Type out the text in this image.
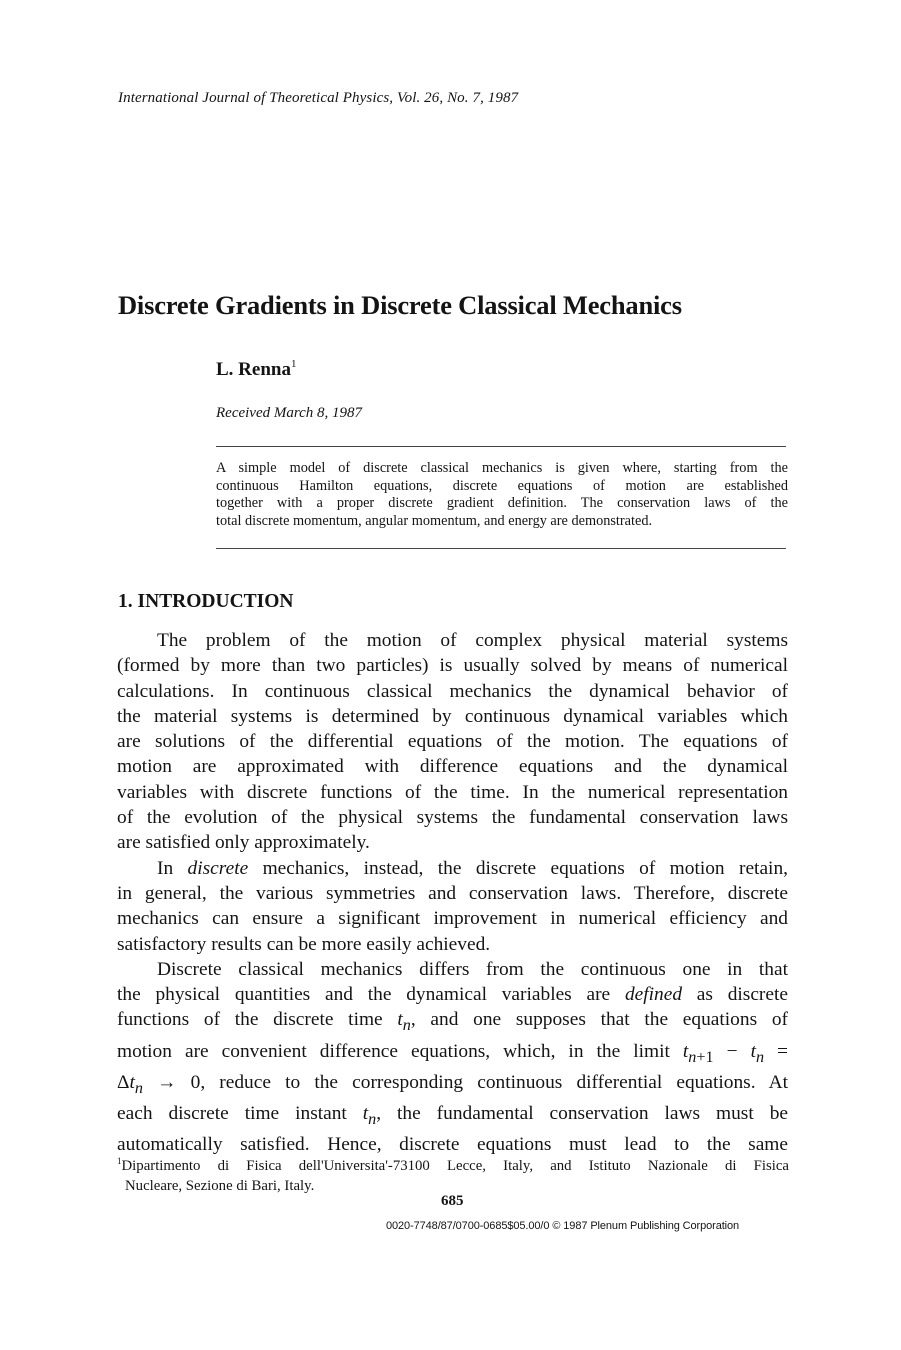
International Journal of Theoretical Physics, Vol. 26, No. 7, 1987
Discrete Gradients in Discrete Classical Mechanics
L. Renna$^1$
Received March 8, 1987

A simple model of discrete classical mechanics is given where, starting from the
continuous Hamilton equations, discrete equations of motion are established
together with a proper discrete gradient definition. The conservation laws of the
total discrete momentum, angular momentum, and energy are demonstrated.

1. INTRODUCTION
The problem of the motion of complex physical material systems
(formed by more than two particles) is usually solved by means of numerical
calculations. In continuous classical mechanics the dynamical behavior of
the material systems is determined by continuous dynamical variables which
are solutions of the differential equations of the motion. The equations of
motion are approximated with difference equations and the dynamical
variables with discrete functions of the time. In the numerical representation
of the evolution of the physical systems the fundamental conservation laws
are satisfied only approximately.
In discrete mechanics, instead, the discrete equations of motion retain,
in general, the various symmetries and conservation laws. Therefore, discrete
mechanics can ensure a significant improvement in numerical efficiency and
satisfactory results can be more easily achieved.
Discrete classical mechanics differs from the continuous one in that
the physical quantities and the dynamical variables are defined as discrete
functions of the discrete time $t_n$, and one supposes that the equations of
motion are convenient difference equations, which, in the limit $t_{n+1} - t_n$ =
$\Delta t_n \to 0$, reduce to the corresponding continuous differential equations. At
each discrete time instant $t_n$, the fundamental conservation laws must be
automatically satisfied. Hence, discrete equations must lead to the same
$^1$Dipartimento di Fisica dell'Universita'-73100 Lecce, Italy, and Istituto Nazionale di Fisica
Nucleare, Sezione di Bari, Italy.
685
0020-7748/87/0700-0685$05.00/0 © 1987 Plenum Publishing Corporation
